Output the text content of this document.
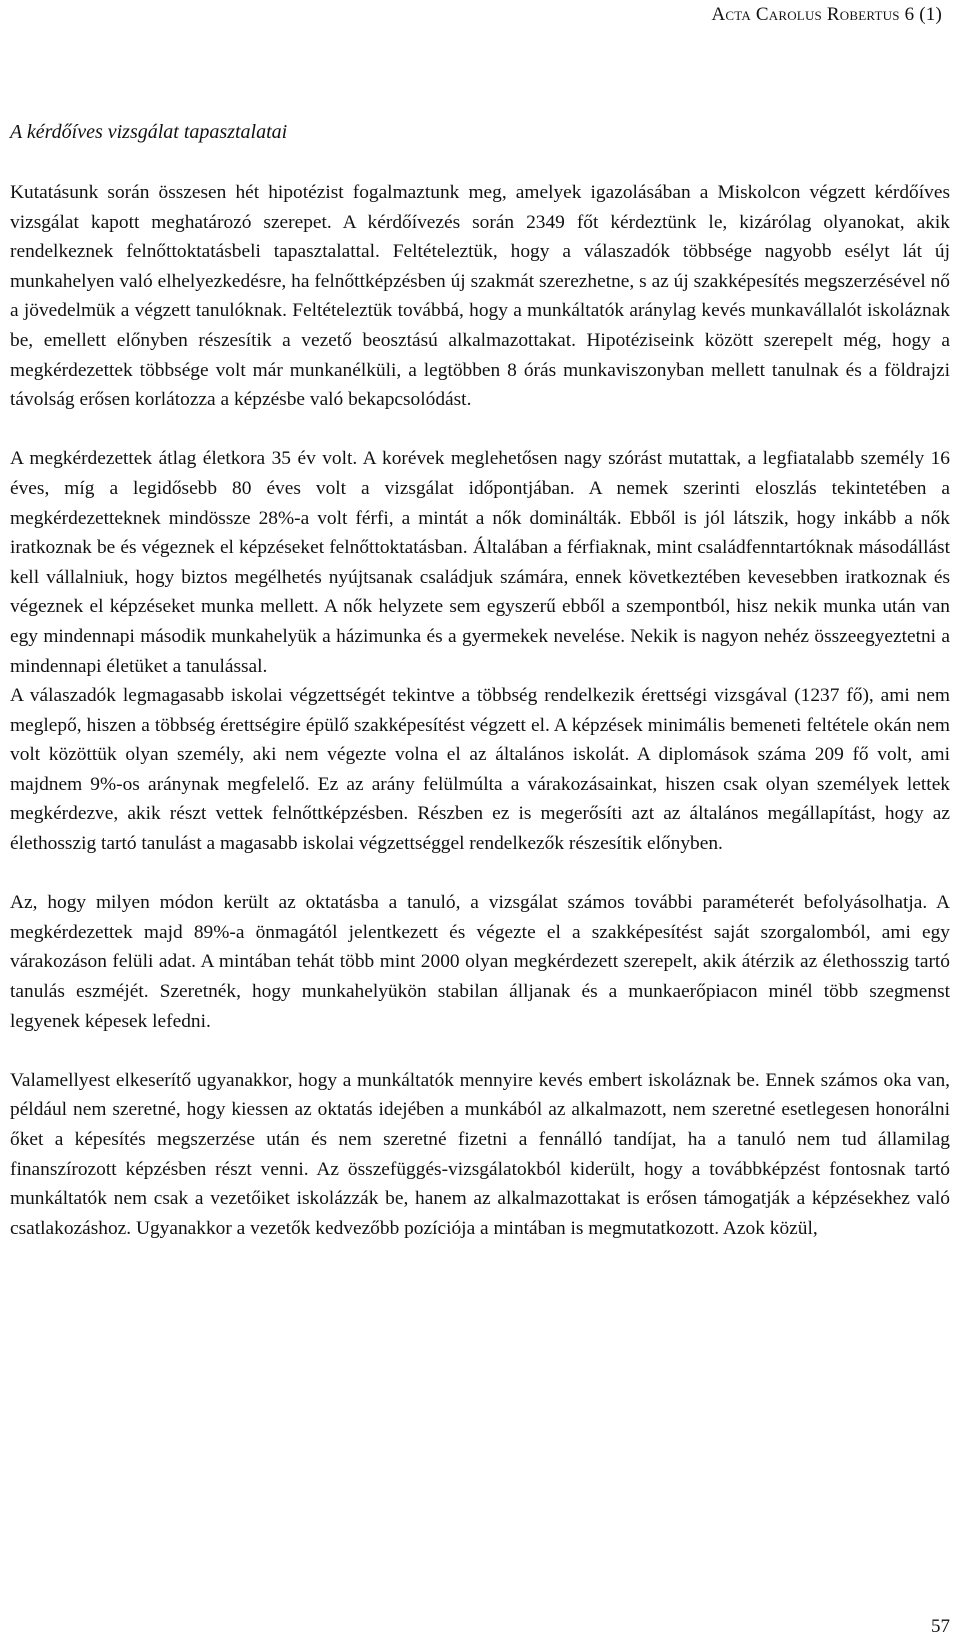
Acta Carolus Robertus 6 (1)
A kérdőíves vizsgálat tapasztalatai

Kutatásunk során összesen hét hipotézist fogalmaztunk meg, amelyek igazolásában a Miskolcon végzett kérdőíves vizsgálat kapott meghatározó szerepet. A kérdőívezés során 2349 főt kérdeztünk le, kizárólag olyanokat, akik rendelkeznek felnőttoktatásbeli tapasztalattal. Feltételeztük, hogy a válaszadók többsége nagyobb esélyt lát új munkahelyen való elhelyezkedésre, ha felnőttképzésben új szakmát szerezhetne, s az új szakképesítés megszerzésével nő a jövedelmük a végzett tanulóknak. Feltételeztük továbbá, hogy a munkáltatók aránylag kevés munkavállalót iskoláznak be, emellett előnyben részesítik a vezető beosztású alkalmazottakat. Hipotéziseink között szerepelt még, hogy a megkérdezettek többsége volt már munkanélküli, a legtöbben 8 órás munkaviszonyban mellett tanulnak és a földrajzi távolság erősen korlátozza a képzésbe való bekapcsolódást.

A megkérdezettek átlag életkora 35 év volt. A korévek meglehetősen nagy szórást mutattak, a legfiatalabb személy 16 éves, míg a legidősebb 80 éves volt a vizsgálat időpontjában. A nemek szerinti eloszlás tekintetében a megkérdezetteknek mindössze 28%-a volt férfi, a mintát a nők dominálták. Ebből is jól látszik, hogy inkább a nők iratkoznak be és végeznek el képzéseket felnőttoktatásban. Általában a férfiaknak, mint családfenntartóknak másodállást kell vállalniuk, hogy biztos megélhetés nyújtsanak családjuk számára, ennek következtében kevesebben iratkoznak és végeznek el képzéseket munka mellett. A nők helyzete sem egyszerű ebből a szempontból, hisz nekik munka után van egy mindennapi második munkahelyük a házimunka és a gyermekek nevelése. Nekik is nagyon nehéz összeegyeztetni a mindennapi életüket a tanulással.

A válaszadók legmagasabb iskolai végzettségét tekintve a többség rendelkezik érettségi vizsgával (1237 fő), ami nem meglepő, hiszen a többség érettségire épülő szakképesítést végzett el. A képzések minimális bemeneti feltétele okán nem volt közöttük olyan személy, aki nem végezte volna el az általános iskolát. A diplomások száma 209 fő volt, ami majdnem 9%-os aránynak megfelelő. Ez az arány felülmúlta a várakozásainkat, hiszen csak olyan személyek lettek megkérdezve, akik részt vettek felnőttképzésben. Részben ez is megerősíti azt az általános megállapítást, hogy az élethosszig tartó tanulást a magasabb iskolai végzettséggel rendelkezők részesítik előnyben.

Az, hogy milyen módon került az oktatásba a tanuló, a vizsgálat számos további paraméterét befolyásolhatja. A megkérdezettek majd 89%-a önmagától jelentkezett és végezte el a szakképesítést saját szorgalomból, ami egy várakozáson felüli adat. A mintában tehát több mint 2000 olyan megkérdezett szerepelt, akik átérzik az élethosszig tartó tanulás eszméjét. Szeretnék, hogy munkahelyükön stabilan álljanak és a munkaerőpiacon minél több szegmenst legyenek képesek lefedni.

Valamellyest elkeserítő ugyanakkor, hogy a munkáltatók mennyire kevés embert iskoláznak be. Ennek számos oka van, például nem szeretné, hogy kiessen az oktatás idejében a munkából az alkalmazott, nem szeretné esetlegesen honorálni őket a képesítés megszerzése után és nem szeretné fizetni a fennálló tandíjat, ha a tanuló nem tud államilag finanszírozott képzésben részt venni. Az összefüggés-vizsgálatokból kiderült, hogy a továbbképzést fontosnak tartó munkáltatók nem csak a vezetőiket iskolázzák be, hanem az alkalmazottakat is erősen támogatják a képzésekhez való csatlakozáshoz. Ugyanakkor a vezetők kedvezőbb pozíciója a mintában is megmutatkozott. Azok közül,

57
